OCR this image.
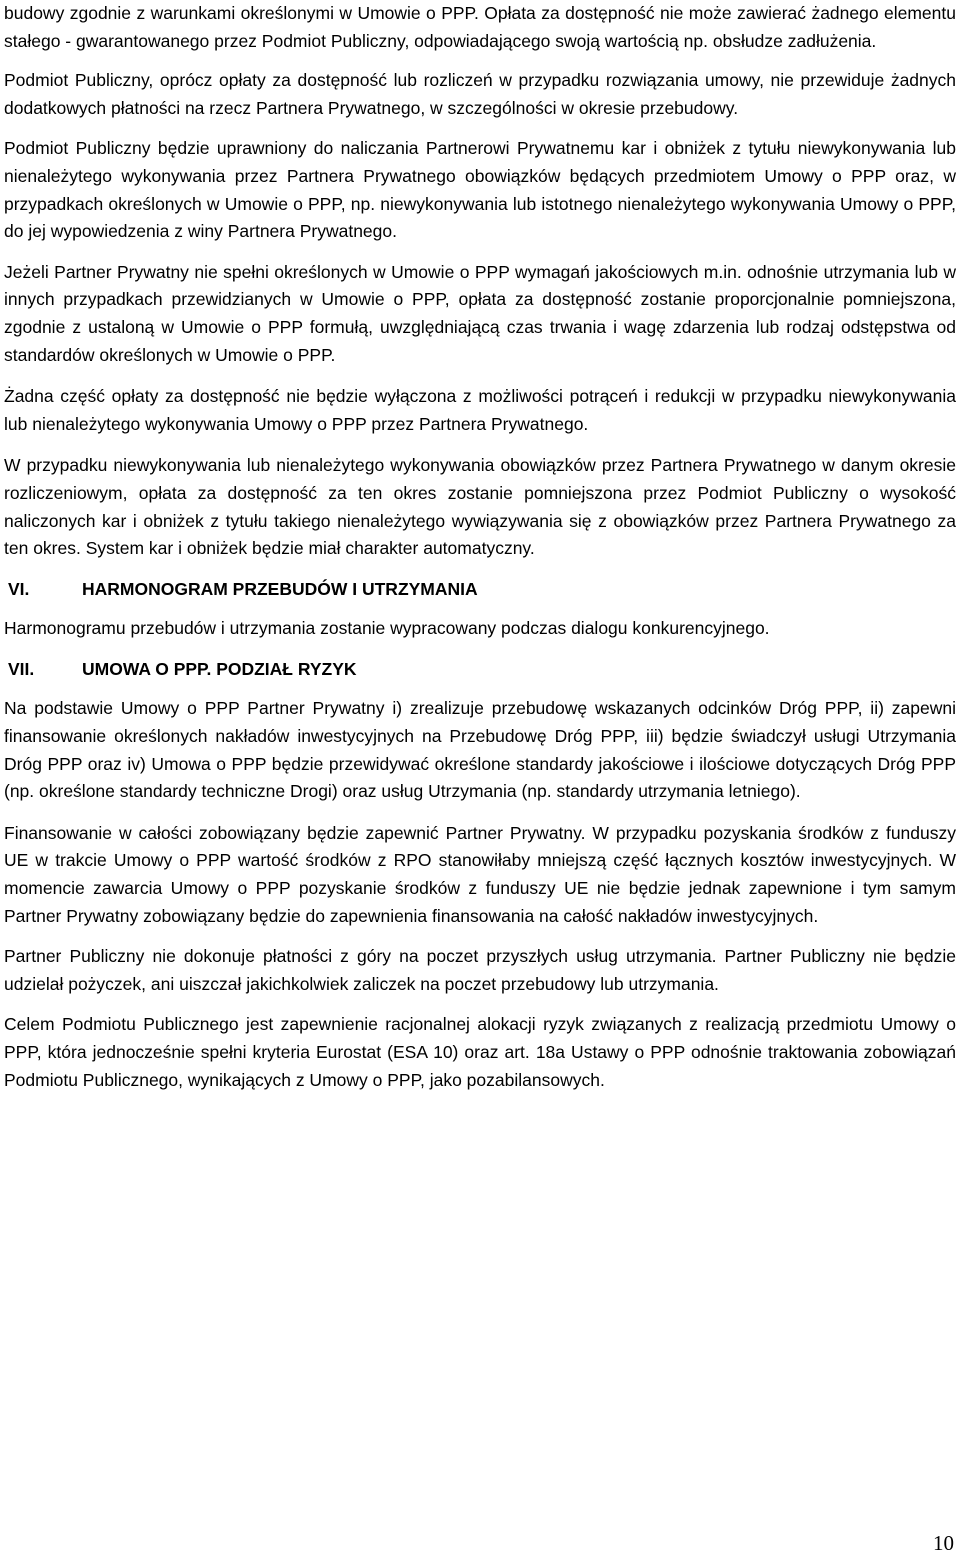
budowy zgodnie z warunkami określonymi w Umowie o PPP. Opłata za dostępność nie może zawierać żadnego elementu stałego - gwarantowanego przez Podmiot Publiczny, odpowiadającego swoją wartością np. obsłudze zadłużenia.

Podmiot Publiczny, oprócz opłaty za dostępność lub rozliczeń w przypadku rozwiązania umowy, nie przewiduje żadnych dodatkowych płatności na rzecz Partnera Prywatnego, w szczególności w okresie przebudowy.

Podmiot Publiczny będzie uprawniony do naliczania Partnerowi Prywatnemu kar i obniżek z tytułu niewykonywania lub nienależytego wykonywania przez Partnera Prywatnego obowiązków będących przedmiotem Umowy o PPP oraz, w przypadkach określonych w Umowie o PPP, np. niewykonywania lub istotnego nienależytego wykonywania Umowy o PPP, do jej wypowiedzenia z winy Partnera Prywatnego.

Jeżeli Partner Prywatny nie spełni określonych w Umowie o PPP wymagań jakościowych m.in. odnośnie utrzymania lub w innych przypadkach przewidzianych w Umowie o PPP, opłata za dostępność zostanie proporcjonalnie pomniejszona, zgodnie z ustaloną w Umowie o PPP formułą, uwzględniającą czas trwania i wagę zdarzenia lub rodzaj odstępstwa od standardów określonych w Umowie o PPP.

Żadna część opłaty za dostępność nie będzie wyłączona z możliwości potrąceń i redukcji w przypadku niewykonywania lub nienależytego wykonywania Umowy o PPP przez Partnera Prywatnego.

W przypadku niewykonywania lub nienależytego wykonywania obowiązków przez Partnera Prywatnego w danym okresie rozliczeniowym, opłata za dostępność za ten okres zostanie pomniejszona przez Podmiot Publiczny o wysokość naliczonych kar i obniżek z tytułu takiego nienależytego wywiązywania się z obowiązków przez Partnera Prywatnego za ten okres. System kar i obniżek będzie miał charakter automatyczny.

VI.	HARMONOGRAM PRZEBUDÓW I UTRZYMANIA

Harmonogramu przebudów i utrzymania zostanie wypracowany podczas dialogu konkurencyjnego.

VII.	UMOWA O PPP. PODZIAŁ RYZYK

Na podstawie Umowy o PPP Partner Prywatny i) zrealizuje przebudowę wskazanych odcinków Dróg PPP, ii) zapewni finansowanie określonych nakładów inwestycyjnych na Przebudowę Dróg PPP, iii) będzie świadczył usługi Utrzymania Dróg PPP oraz iv) Umowa o PPP będzie przewidywać określone standardy jakościowe i ilościowe dotyczących Dróg PPP (np. określone standardy techniczne Drogi) oraz usług Utrzymania (np. standardy utrzymania letniego).

Finansowanie w całości zobowiązany będzie zapewnić Partner Prywatny. W przypadku pozyskania środków z funduszy UE w trakcie Umowy o PPP wartość środków z RPO stanowiłaby mniejszą część łącznych kosztów inwestycyjnych. W momencie zawarcia Umowy o PPP pozyskanie środków z funduszy UE nie będzie jednak zapewnione i tym samym Partner Prywatny zobowiązany będzie do zapewnienia finansowania na całość nakładów inwestycyjnych.

Partner Publiczny nie dokonuje płatności z góry na poczet przyszłych usług utrzymania. Partner Publiczny nie będzie udzielał pożyczek, ani uiszczał jakichkolwiek zaliczek na poczet przebudowy lub utrzymania.

Celem Podmiotu Publicznego jest zapewnienie racjonalnej alokacji ryzyk związanych z realizacją przedmiotu Umowy o PPP, która jednocześnie spełni kryteria Eurostat (ESA 10) oraz art. 18a Ustawy o PPP odnośnie traktowania zobowiązań Podmiotu Publicznego, wynikających z Umowy o PPP, jako pozabilansowych.

10
